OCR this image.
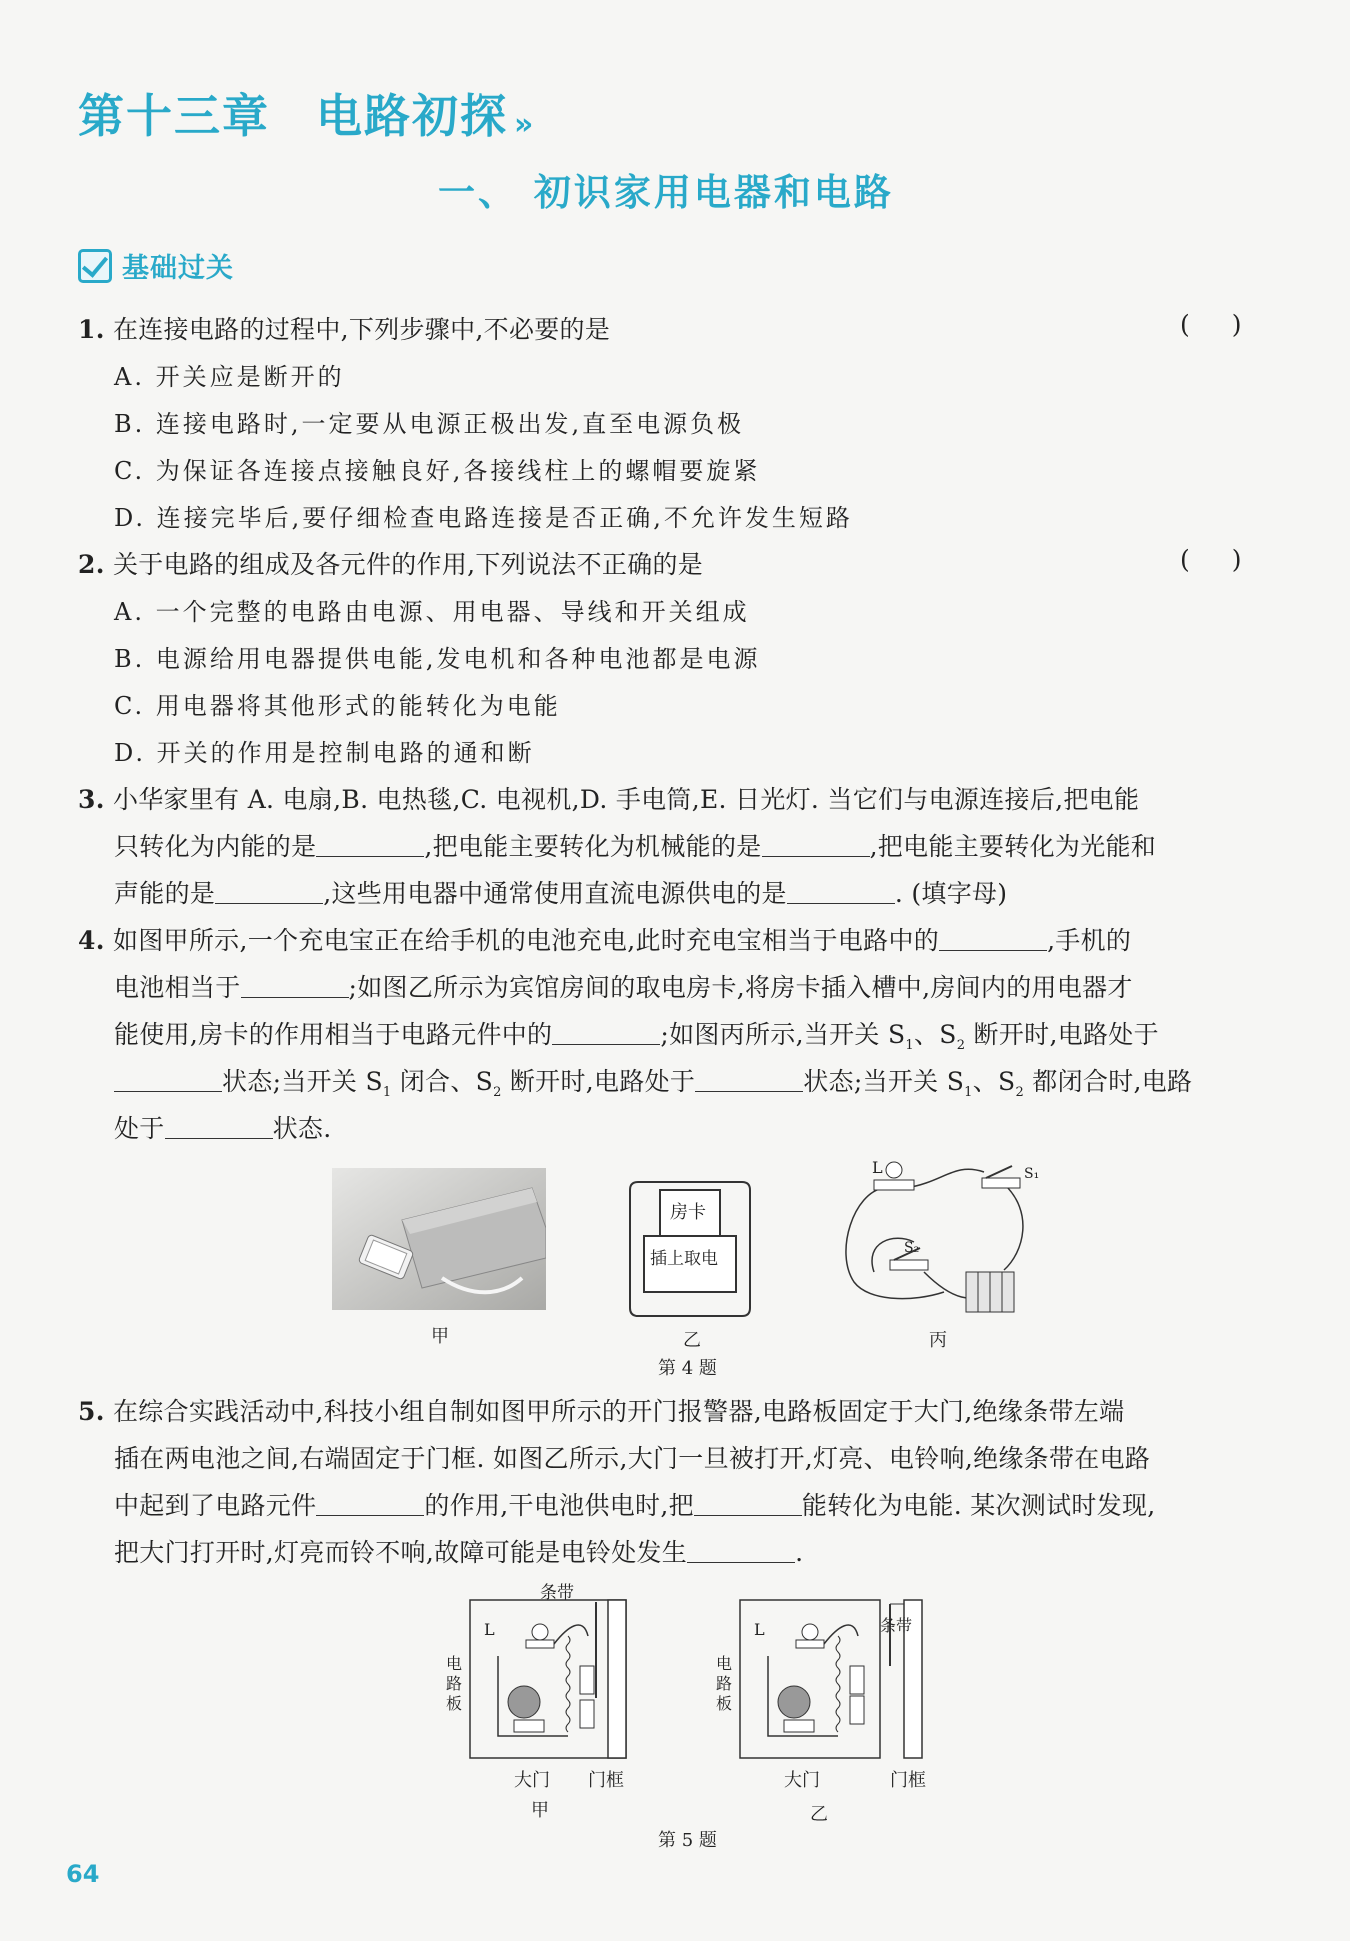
第十三章 电路初探 »
一、 初识家用电器和电路
基础过关
1. 在连接电路的过程中,下列步骤中,不必要的是	( )
A. 开关应是断开的
B. 连接电路时,一定要从电源正极出发,直至电源负极
C. 为保证各连接点接触良好,各接线柱上的螺帽要旋紧
D. 连接完毕后,要仔细检查电路连接是否正确,不允许发生短路
2. 关于电路的组成及各元件的作用,下列说法不正确的是	( )
A. 一个完整的电路由电源、用电器、导线和开关组成
B. 电源给用电器提供电能,发电机和各种电池都是电源
C. 用电器将其他形式的能转化为电能
D. 开关的作用是控制电路的通和断
3. 小华家里有 A. 电扇,B. 电热毯,C. 电视机,D. 手电筒,E. 日光灯. 当它们与电源连接后,把电能
只转化为内能的是	,把电能主要转化为机械能的是	,把电能主要转化为光能和
声能的是	,这些用电器中通常使用直流电源供电的是	. (填字母)
4. 如图甲所示,一个充电宝正在给手机的电池充电,此时充电宝相当于电路中的	,手机的
电池相当于	;如图乙所示为宾馆房间的取电房卡,将房卡插入槽中,房间内的用电器才
能使用,房卡的作用相当于电路元件中的	;如图丙所示,当开关 $S_1$、$S_2$ 断开时,电路处于
状态;当开关 $S_1$ 闭合、$S_2$ 断开时,电路处于	状态;当开关 $S_1$、$S_2$ 都闭合时,电路
处于	状态.
甲
房卡
插上取电
乙
L	S₁
S₂
丙
第 4 题
5. 在综合实践活动中,科技小组自制如图甲所示的开门报警器,电路板固定于大门,绝缘条带左端
插在两电池之间,右端固定于门框. 如图乙所示,大门一旦被打开,灯亮、电铃响,绝缘条带在电路
中起到了电路元件	的作用,干电池供电时,把	能转化为电能. 某次测试时发现,
把大门打开时,灯亮而铃不响,故障可能是电铃处发生	.
条带
L
电
路
板
大门 门框
甲
条带
L
电
路
板
大门	门框
乙
第 5 题
64
